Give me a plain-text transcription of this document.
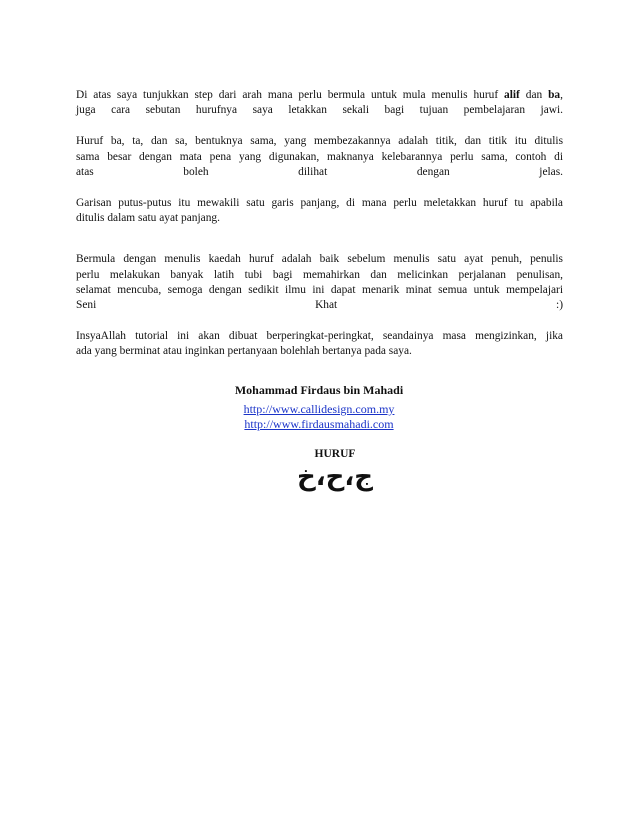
Di atas saya tunjukkan step dari arah mana perlu bermula untuk mula menulis huruf alif dan ba,
juga cara sebutan hurufnya saya letakkan sekali bagi tujuan pembelajaran jawi.

Huruf ba, ta, dan sa, bentuknya sama, yang membezakannya adalah titik, dan titik itu ditulis
sama besar dengan mata pena yang digunakan, maknanya kelebarannya perlu sama, contoh di
atas boleh dilihat dengan jelas.

Garisan putus-putus itu mewakili satu garis panjang, di mana perlu meletakkan huruf tu apabila
ditulis dalam satu ayat panjang.

Bermula dengan menulis kaedah huruf adalah baik sebelum menulis satu ayat penuh, penulis
perlu melakukan banyak latih tubi bagi memahirkan dan melicinkan perjalanan penulisan,
selamat mencuba, semoga dengan sedikit ilmu ini dapat menarik minat semua untuk mempelajari
Seni Khat :)

InsyaAllah tutorial ini akan dibuat berperingkat-peringkat, seandainya masa mengizinkan, jika
ada yang berminat atau inginkan pertanyaan bolehlah bertanya pada saya.

Mohammad Firdaus bin Mahadi
http://www.callidesign.com.my
http://www.firdausmahadi.com
HURUF
ج،ح،خ
